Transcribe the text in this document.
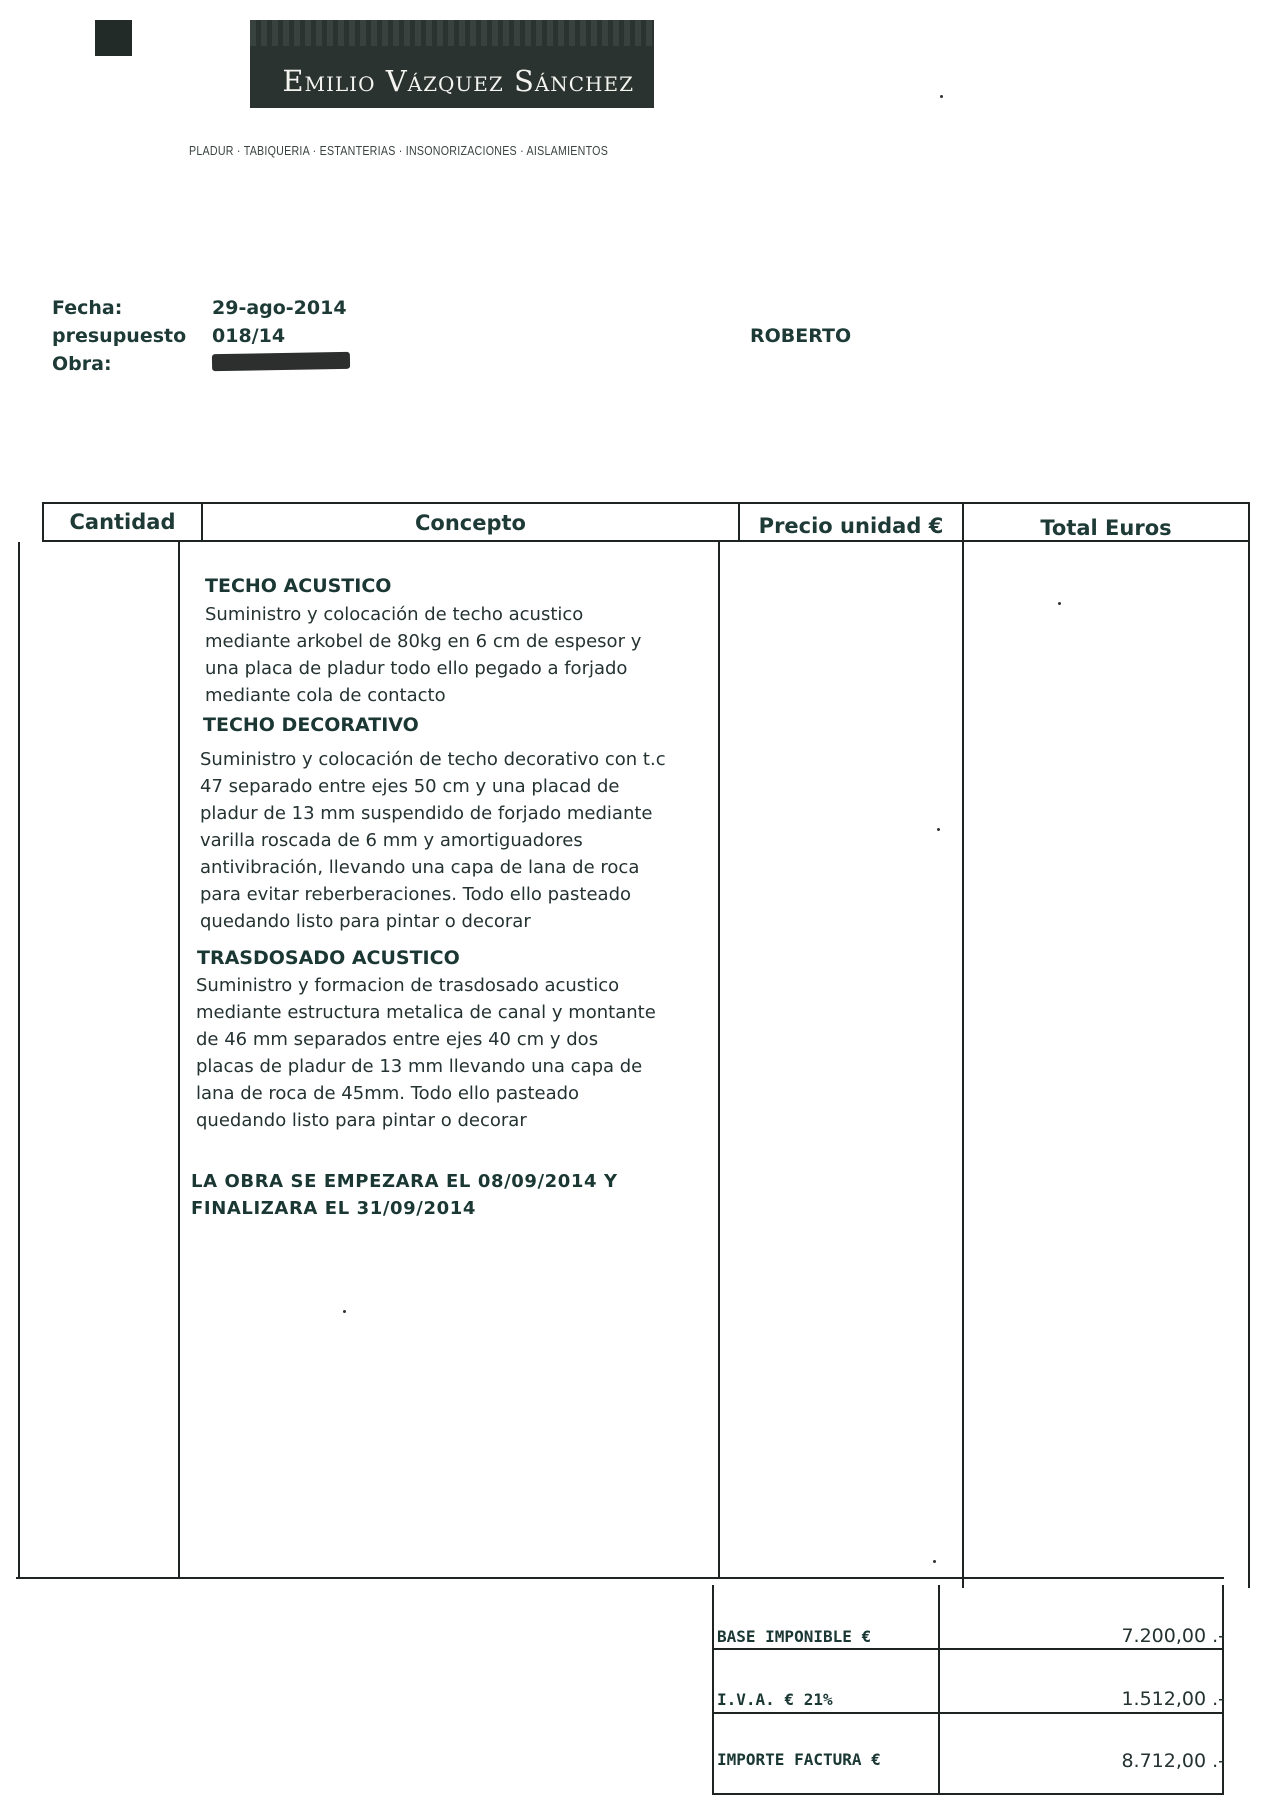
Emilio Vázquez Sánchez
PLADUR · TABIQUERIA · ESTANTERIAS · INSONORIZACIONES · AISLAMIENTOS
Fecha:	29-ago-2014
presupuesto 018/14
Obra:
ROBERTO
Cantidad	Concepto	Precio unidad €	Total Euros
TECHO ACUSTICO
Suministro y colocación de techo acustico
mediante arkobel de 80kg en 6 cm de espesor y
una placa de pladur todo ello pegado a forjado
mediante cola de contacto
TECHO DECORATIVO
Suministro y colocación de techo decorativo con t.c
47 separado entre ejes 50 cm y una placad de
pladur de 13 mm suspendido de forjado mediante
varilla roscada de 6 mm y amortiguadores
antivibración, llevando una capa de lana de roca
para evitar reberberaciones. Todo ello pasteado
quedando listo para pintar o decorar
TRASDOSADO ACUSTICO
Suministro y formacion de trasdosado acustico
mediante estructura metalica de canal y montante
de 46 mm separados entre ejes 40 cm y dos
placas de pladur de 13 mm llevando una capa de
lana de roca de 45mm. Todo ello pasteado
quedando listo para pintar o decorar
LA OBRA SE EMPEZARA EL 08/09/2014 Y
FINALIZARA EL 31/09/2014
BASE IMPONIBLE €	7.200,00 .-
I.V.A. € 21%	1.512,00 .-
IMPORTE FACTURA €	8.712,00 .-
